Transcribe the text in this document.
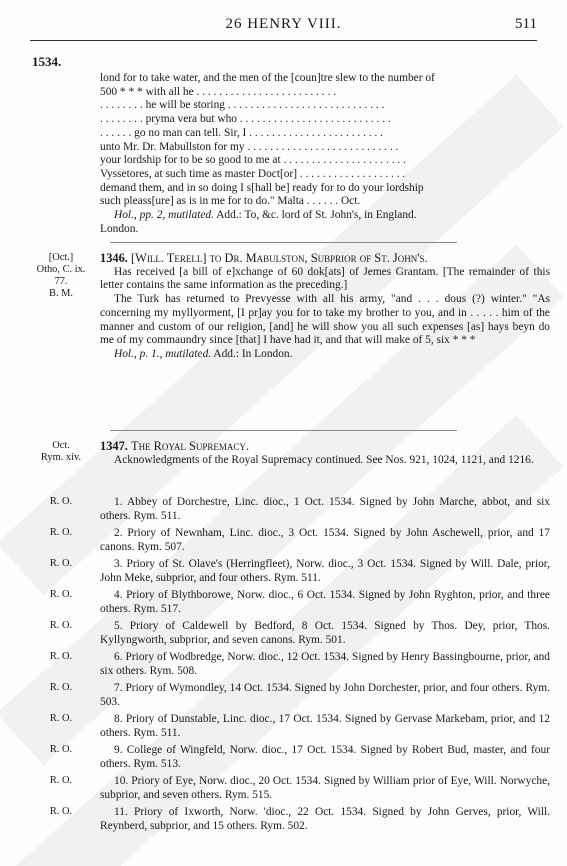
26 HENRY VIII.	511
1534.
lond for to take water, and the men of the [coun]tre slew to the number of
500 * * * with all he . . . . . . . . . . . . . . . . . . . . . . . . .
. . . . . . . . he will be storing . . . . . . . . . . . . . . . . . . . . . . . . . . . .
. . . . . . . . pryma vera but who . . . . . . . . . . . . . . . . . . . . . . . . . . .
. . . . . . go no man can tell. Sir, I . . . . . . . . . . . . . . . . . . . . . . . .
unto Mr. Dr. Mabullston for my . . . . . . . . . . . . . . . . . . . . . . . . . . .
your lordship for to be so good to me at . . . . . . . . . . . . . . . . . . . . . .
Vyssetores, at such time as master Doct[or] . . . . . . . . . . . . . . . . . . .
demand them, and in so doing I s[hall be] ready for to do your lordship
such pleass[ure] as is in me for to do." Malta . . . . . . Oct.
Hol., pp. 2, mutilated. Add.: To, &c. lord of St. John's, in England.
London.
[Oct.]
Otho, C. ix.
77.
B. M.
1346. [Will. Terell] to Dr. Mabulston, Subprior of St. John's.
Has received [a bill of e]xchange of 60 dok[ats] of Jemes Grantam. [The remainder of this letter contains the same information as the preceding.]
The Turk has returned to Prevyesse with all his army, "and . . . dous (?) winter." "As concerning my myllyorment, [I pr]ay you for to take my brother to you, and in . . . . . him of the manner and custom of our religion, [and] he will show you all such expenses [as] hays beyn do me of my commaundry since [that] I have had it, and that will make of 5, six * * *
Hol., p. 1., mutilated. Add.: In London.
Oct.
Rym. xiv.
1347. The Royal Supremacy.
Acknowledgments of the Royal Supremacy continued. See Nos. 921, 1024, 1121, and 1216.
R. O.	1. Abbey of Dorchestre, Linc. dioc., 1 Oct. 1534. Signed by John Marche, abbot, and six others. Rym. 511.
R. O.	2. Priory of Newnham, Linc. dioc., 3 Oct. 1534. Signed by John Aschewell, prior, and 17 canons. Rym. 507.
R. O.	3. Priory of St. Olave's (Herringfleet), Norw. dioc., 3 Oct. 1534. Signed by Will. Dale, prior, John Meke, subprior, and four others. Rym. 511.
R. O.	4. Priory of Blythborowe, Norw. dioc., 6 Oct. 1534. Signed by John Ryghton, prior, and three others. Rym. 517.
R. O.	5. Priory of Caldewell by Bedford, 8 Oct. 1534. Signed by Thos. Dey, prior, Thos. Kyllyngworth, subprior, and seven canons. Rym. 501.
R. O.	6. Priory of Wodbredge, Norw. dioc., 12 Oct. 1534. Signed by Henry Bassingbourne, prior, and six others. Rym. 508.
R. O.	7. Priory of Wymondley, 14 Oct. 1534. Signed by John Dorchester, prior, and four others. Rym. 503.
R. O.	8. Priory of Dunstable, Linc. dioc., 17 Oct. 1534. Signed by Gervase Markebam, prior, and 12 others. Rym. 511.
R. O.	9. College of Wingfeld, Norw. dioc., 17 Oct. 1534. Signed by Robert Bud, master, and four others. Rym. 513.
R. O.	10. Priory of Eye, Norw. dioc., 20 Oct. 1534. Signed by William prior of Eye, Will. Norwyche, subprior, and seven others. Rym. 515.
R. O.	11. Priory of Ixworth, Norw. 'dioc., 22 Oct. 1534. Signed by John Gerves, prior, Will. Reynberd, subprior, and 15 others. Rym. 502.
